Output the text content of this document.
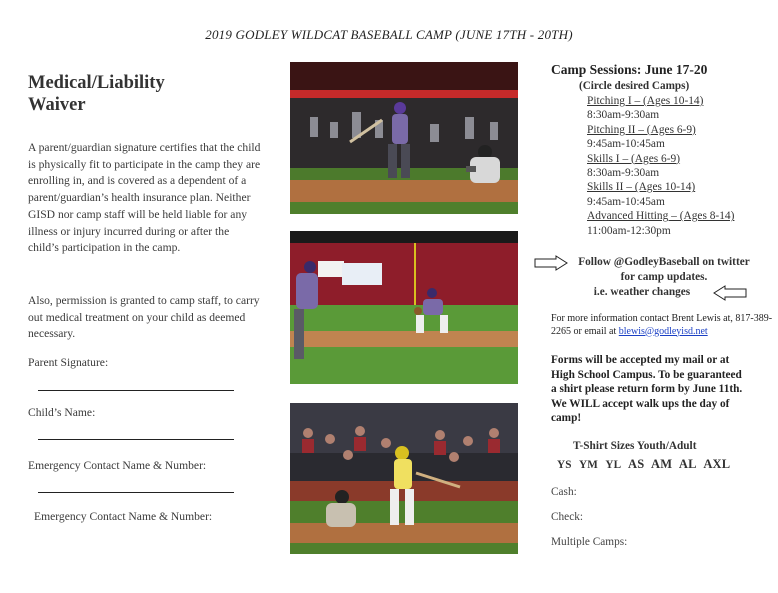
2019 GODLEY WILDCAT BASEBALL CAMP (JUNE 17TH - 20TH)
Medical/Liability
Waiver
A parent/guardian signature certifies that the child is physically fit to participate in the camp they are enrolling in, and is covered as a dependent of a parent/guardian’s health insurance plan. Neither GISD nor camp staff will be held liable for any illness or injury incurred during or after the child’s participation in the camp.
Also, permission is granted to camp staff, to carry out medical treatment on your child as deemed necessary.
Parent Signature:
Child’s Name:
Emergency Contact Name & Number:
Emergency Contact Name & Number:
Camp Sessions: June 17-20
(Circle desired Camps)
Pitching I – (Ages 10-14)
8:30am-9:30am
Pitching II – (Ages 6-9)
9:45am-10:45am
Skills I – (Ages 6-9)
8:30am-9:30am
Skills II – (Ages 10-14)
9:45am-10:45am
Advanced Hitting – (Ages 8-14)
11:00am-12:30pm
Follow @GodleyBaseball on twitter
for camp updates.
i.e. weather changes
For more information contact Brent Lewis at, 817-389-2265 or email at blewis@godleyisd.net
Forms will be accepted my mail or at High School Campus. To be guaranteed a shirt please return form by June 11th. We WILL accept walk ups the day of camp!
T-Shirt Sizes Youth/Adult
YS YM YL AS AM AL AXL
Cash:
Check:
Multiple Camps:
